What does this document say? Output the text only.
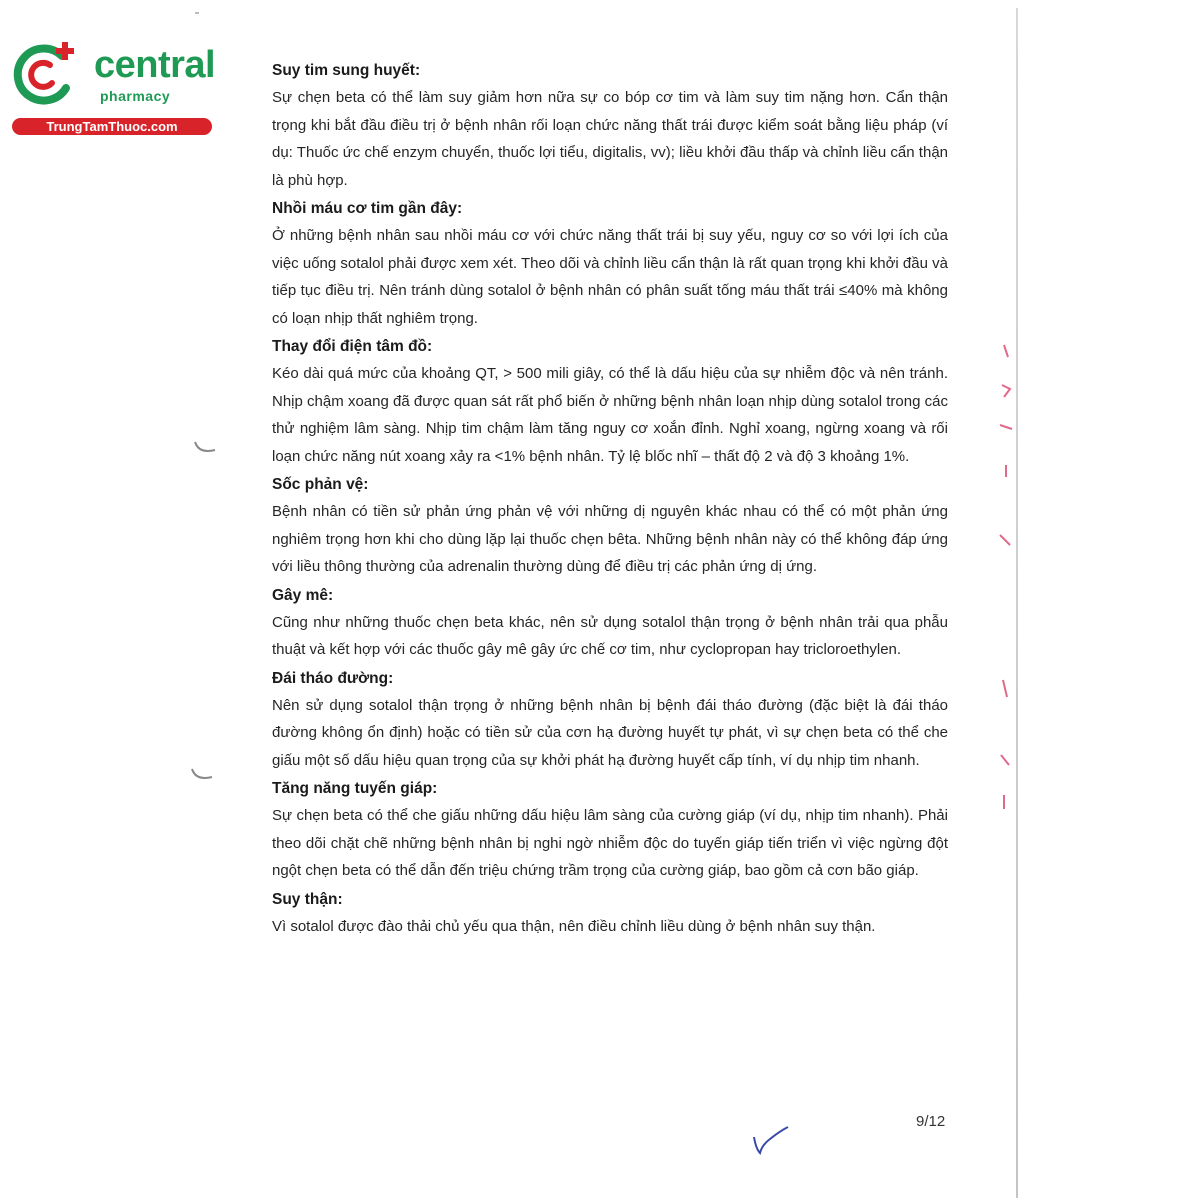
central
pharmacy
TrungTamThuoc.com
Suy tim sung huyết:

Sự chẹn beta có thể làm suy giảm hơn nữa sự co bóp cơ tim và làm suy tim nặng hơn. Cẩn thận trọng khi bắt đầu điều trị ở bệnh nhân rối loạn chức năng thất trái được kiểm soát bằng liệu pháp (ví dụ: Thuốc ức chế enzym chuyển, thuốc lợi tiểu, digitalis, vv); liều khởi đầu thấp và chỉnh liều cẩn thận là phù hợp.

Nhồi máu cơ tim gần đây:

Ở những bệnh nhân sau nhồi máu cơ với chức năng thất trái bị suy yếu, nguy cơ so với lợi ích của việc uống sotalol phải được xem xét. Theo dõi và chỉnh liều cẩn thận là rất quan trọng khi khởi đầu và tiếp tục điều trị. Nên tránh dùng sotalol ở bệnh nhân có phân suất tống máu thất trái ≤40% mà không có loạn nhịp thất nghiêm trọng.

Thay đổi điện tâm đồ:

Kéo dài quá mức của khoảng QT, > 500 mili giây, có thể là dấu hiệu của sự nhiễm độc và nên tránh. Nhịp chậm xoang đã được quan sát rất phổ biến ở những bệnh nhân loạn nhịp dùng sotalol trong các thử nghiệm lâm sàng. Nhịp tim chậm làm tăng nguy cơ xoắn đỉnh. Nghỉ xoang, ngừng xoang và rối loạn chức năng nút xoang xảy ra <1% bệnh nhân. Tỷ lệ blốc nhĩ – thất độ 2 và độ 3 khoảng 1%.

Sốc phản vệ:

Bệnh nhân có tiền sử phản ứng phản vệ với những dị nguyên khác nhau có thể có một phản ứng nghiêm trọng hơn khi cho dùng lặp lại thuốc chẹn bêta. Những bệnh nhân này có thể không đáp ứng với liều thông thường của adrenalin thường dùng để điều trị các phản ứng dị ứng.

Gây mê:

Cũng như những thuốc chẹn beta khác, nên sử dụng sotalol thận trọng ở bệnh nhân trải qua phẫu thuật và kết hợp với các thuốc gây mê gây ức chế cơ tim, như cyclopropan hay tricloroethylen.

Đái tháo đường:

Nên sử dụng sotalol thận trọng ở những bệnh nhân bị bệnh đái tháo đường (đặc biệt là đái tháo đường không ổn định) hoặc có tiền sử của cơn hạ đường huyết tự phát, vì sự chẹn beta có thể che giấu một số dấu hiệu quan trọng của sự khởi phát hạ đường huyết cấp tính, ví dụ nhịp tim nhanh.

Tăng năng tuyến giáp:

Sự chẹn beta có thể che giấu những dấu hiệu lâm sàng của cường giáp (ví dụ, nhịp tim nhanh). Phải theo dõi chặt chẽ những bệnh nhân bị nghi ngờ nhiễm độc do tuyến giáp tiến triển vì việc ngừng đột ngột chẹn beta có thể dẫn đến triệu chứng trầm trọng của cường giáp, bao gồm cả cơn bão giáp.

Suy thận:

Vì sotalol được đào thải chủ yếu qua thận, nên điều chỉnh liều dùng ở bệnh nhân suy thận.

9/12
